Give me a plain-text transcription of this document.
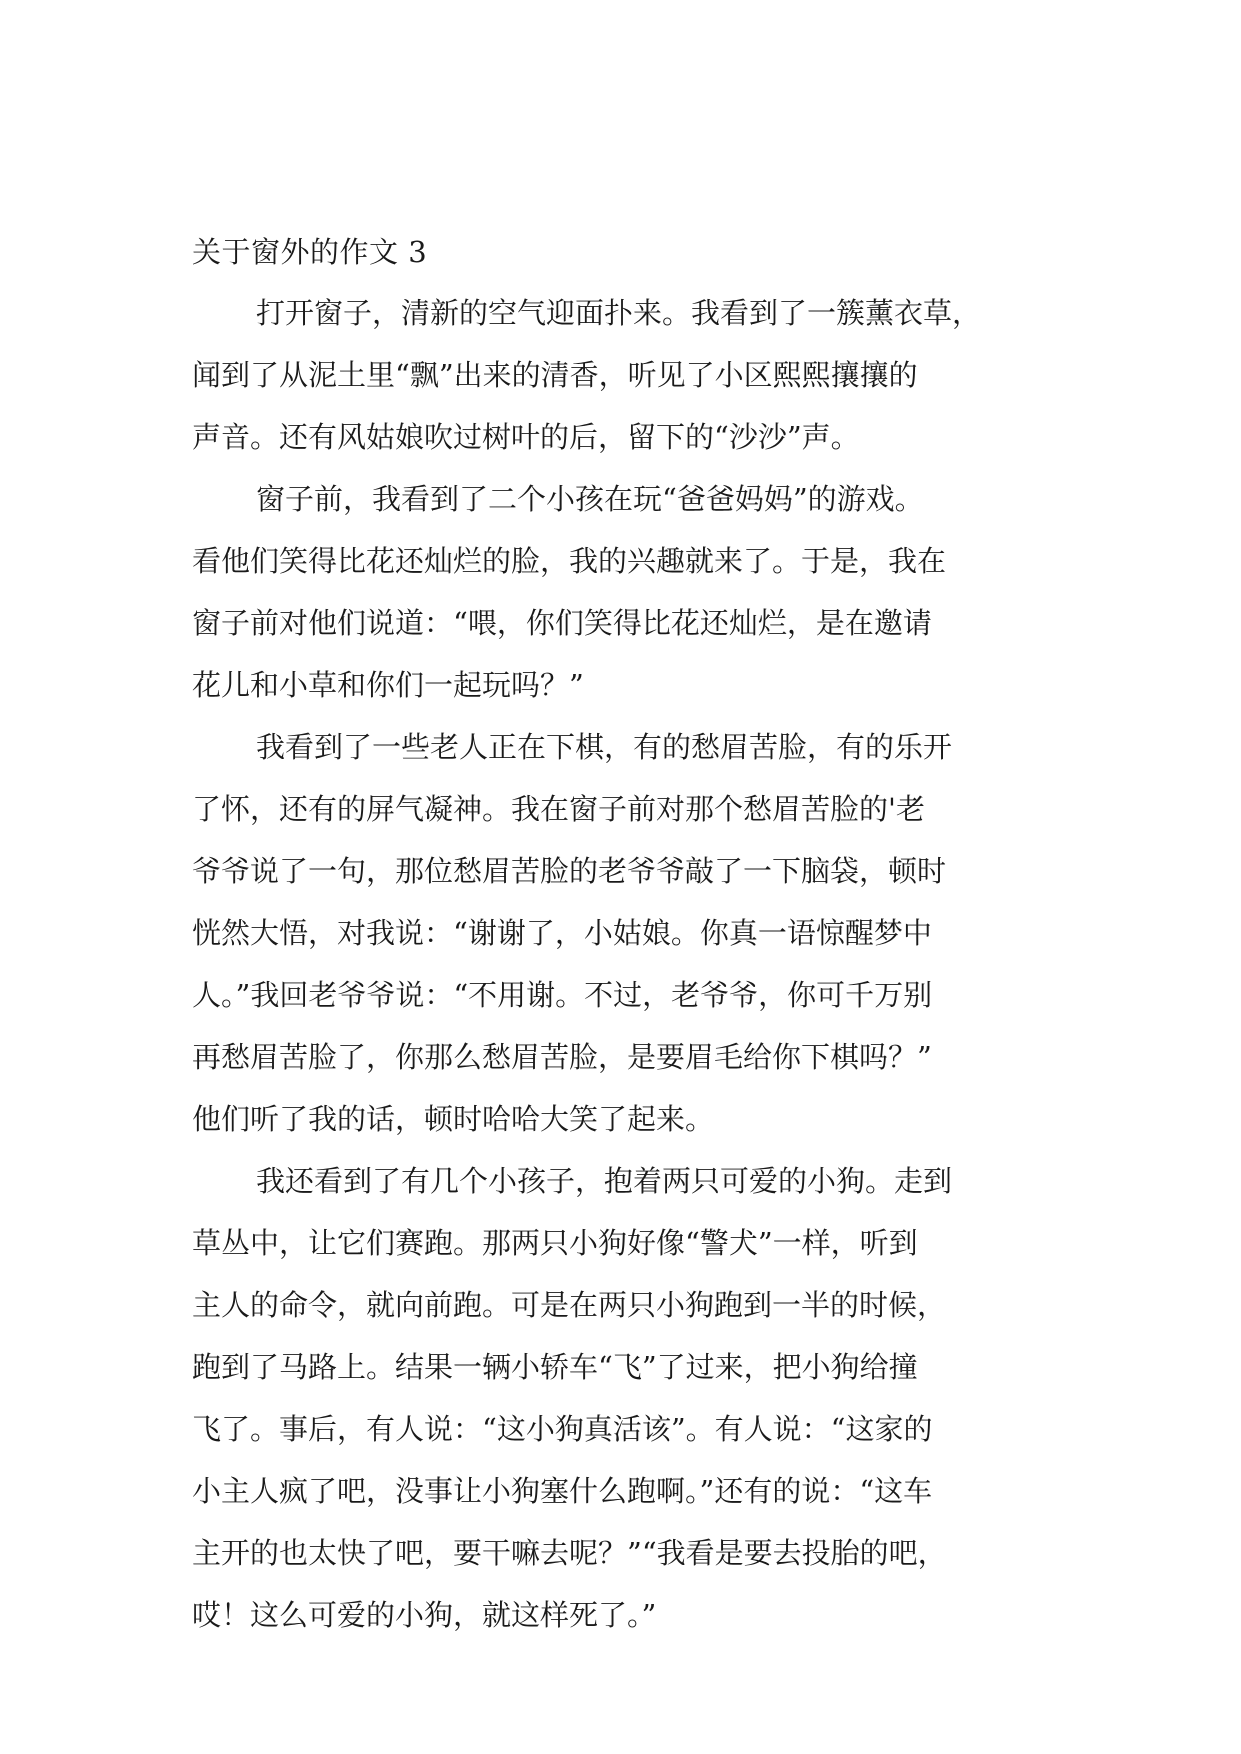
关于窗外的作文 3
打开窗子，清新的空气迎面扑来。我看到了一簇薰衣草，
闻到了从泥土里“飘”出来的清香，听见了小区熙熙攘攘的
声音。还有风姑娘吹过树叶的后，留下的“沙沙”声。
窗子前，我看到了二个小孩在玩“爸爸妈妈”的游戏。
看他们笑得比花还灿烂的脸，我的兴趣就来了。于是，我在
窗子前对他们说道：“喂，你们笑得比花还灿烂，是在邀请
花儿和小草和你们一起玩吗？”
我看到了一些老人正在下棋，有的愁眉苦脸，有的乐开
了怀，还有的屏气凝神。我在窗子前对那个愁眉苦脸的'老
爷爷说了一句，那位愁眉苦脸的老爷爷敲了一下脑袋，顿时
恍然大悟，对我说：“谢谢了，小姑娘。你真一语惊醒梦中
人。”我回老爷爷说：“不用谢。不过，老爷爷，你可千万别
再愁眉苦脸了，你那么愁眉苦脸，是要眉毛给你下棋吗？”
他们听了我的话，顿时哈哈大笑了起来。
我还看到了有几个小孩子，抱着两只可爱的小狗。走到
草丛中，让它们赛跑。那两只小狗好像“警犬”一样，听到
主人的命令，就向前跑。可是在两只小狗跑到一半的时候，
跑到了马路上。结果一辆小轿车“飞”了过来，把小狗给撞
飞了。事后，有人说：“这小狗真活该”。有人说：“这家的
小主人疯了吧，没事让小狗塞什么跑啊。”还有的说：“这车
主开的也太快了吧，要干嘛去呢？”“我看是要去投胎的吧，
哎！这么可爱的小狗，就这样死了。”
